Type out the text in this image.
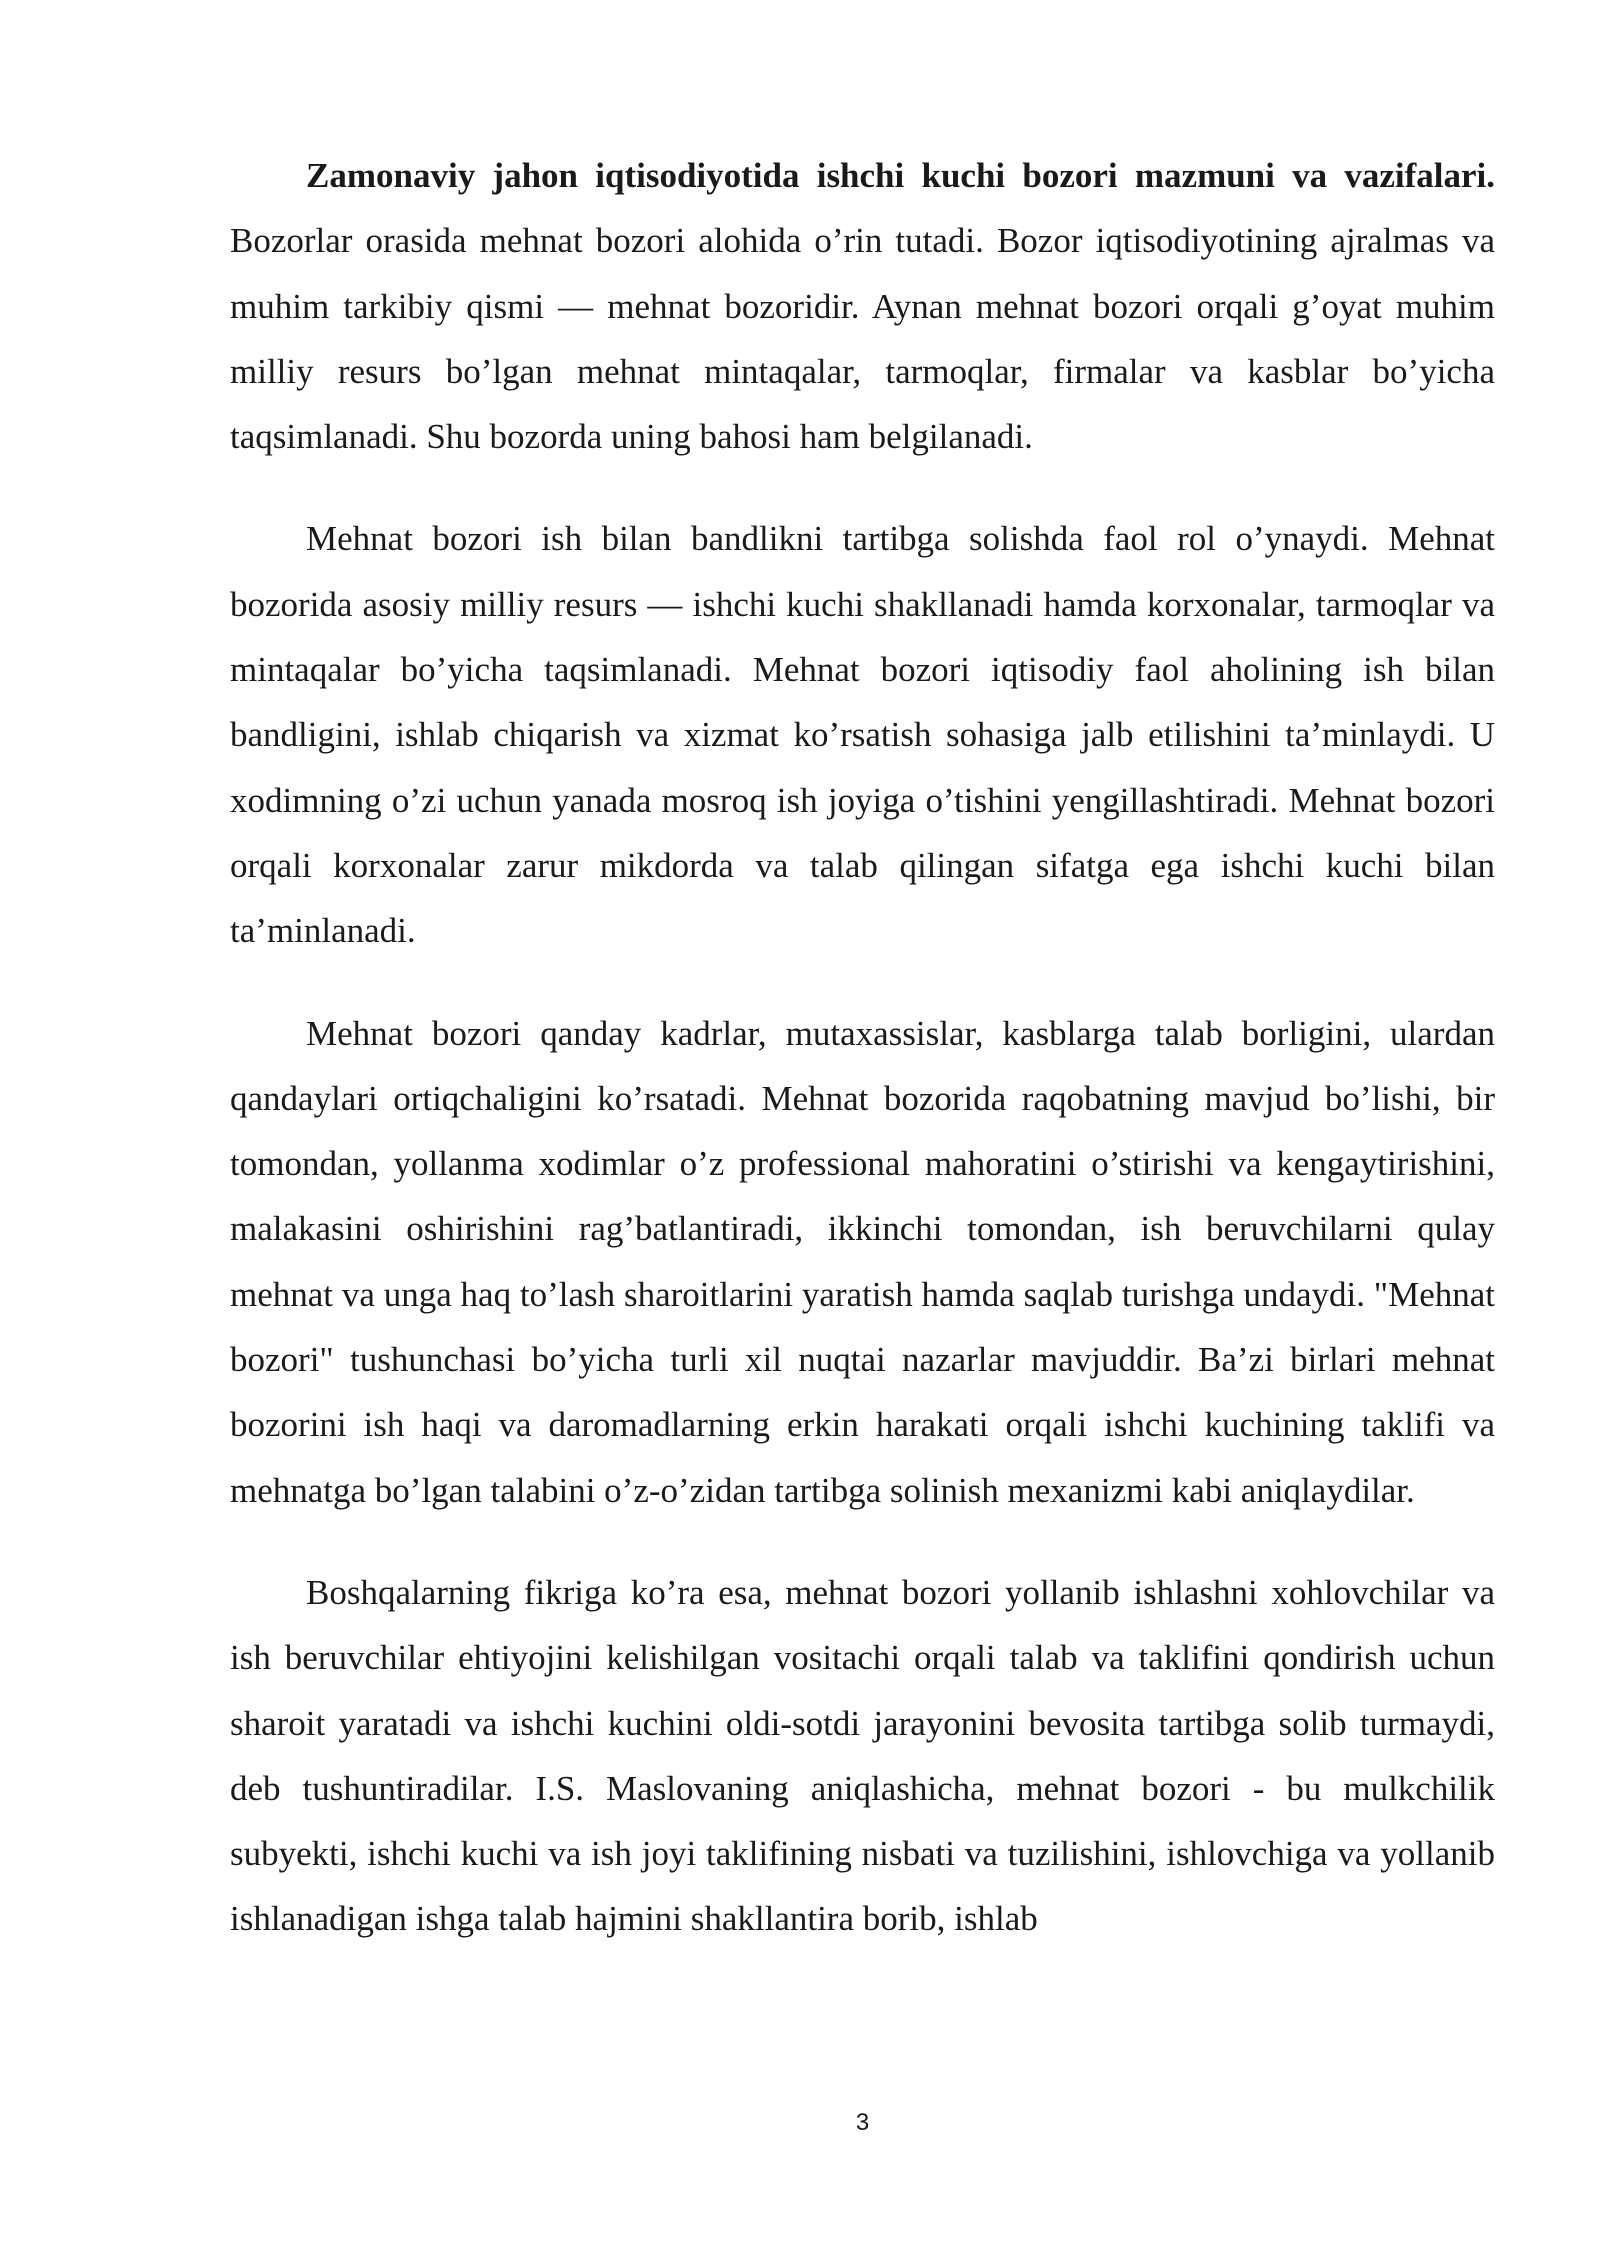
Zamonaviy jahon iqtisodiyotida ishchi kuchi bozori mazmuni va vazifalari. Bozorlar orasida mehnat bozori alohida o’rin tutadi. Bozor iqtisodiyotining ajralmas va muhim tarkibiy qismi — mehnat bozoridir. Aynan mehnat bozori orqali g’oyat muhim milliy resurs bo’lgan mehnat mintaqalar, tarmoqlar, firmalar va kasblar bo’yicha taqsimlanadi. Shu bozorda uning bahosi ham belgilanadi.

Mehnat bozori ish bilan bandlikni tartibga solishda faol rol o’ynaydi. Mehnat bozorida asosiy milliy resurs — ishchi kuchi shakllanadi hamda korxonalar, tarmoqlar va mintaqalar bo’yicha taqsimlanadi. Mehnat bozori iqtisodiy faol aholining ish bilan bandligini, ishlab chiqarish va xizmat ko’rsatish sohasiga jalb etilishini ta’minlaydi. U xodimning o’zi uchun yanada mosroq ish joyiga o’tishini yengillashtiradi. Mehnat bozori orqali korxonalar zarur mikdorda va talab qilingan sifatga ega ishchi kuchi bilan ta’minlanadi.

Mehnat bozori qanday kadrlar, mutaxassislar, kasblarga talab borligini, ulardan qandaylari ortiqchaligini ko’rsatadi. Mehnat bozorida raqobatning mavjud bo’lishi, bir tomondan, yollanma xodimlar o’z professional mahoratini o’stirishi va kengaytirishini, malakasini oshirishini rag’batlantiradi, ikkinchi tomondan, ish beruvchilarni qulay mehnat va unga haq to’lash sharoitlarini yaratish hamda saqlab turishga undaydi. "Mehnat bozori" tushunchasi bo’yicha turli xil nuqtai nazarlar mavjuddir. Ba’zi birlari mehnat bozorini ish haqi va daromadlarning erkin harakati orqali ishchi kuchining taklifi va mehnatga bo’lgan talabini o’z-o’zidan tartibga solinish mexanizmi kabi aniqlaydilar.

Boshqalarning fikriga ko’ra esa, mehnat bozori yollanib ishlashni xohlovchilar va ish beruvchilar ehtiyojini kelishilgan vositachi orqali talab va taklifini qondirish uchun sharoit yaratadi va ishchi kuchini oldi-sotdi jarayonini bevosita tartibga solib turmaydi, deb tushuntiradilar. I.S. Maslovaning aniqlashicha, mehnat bozori - bu mulkchilik subyekti, ishchi kuchi va ish joyi taklifining nisbati va tuzilishini, ishlovchiga va yollanib ishlanadigan ishga talab hajmini shakllantira borib, ishlab

3
